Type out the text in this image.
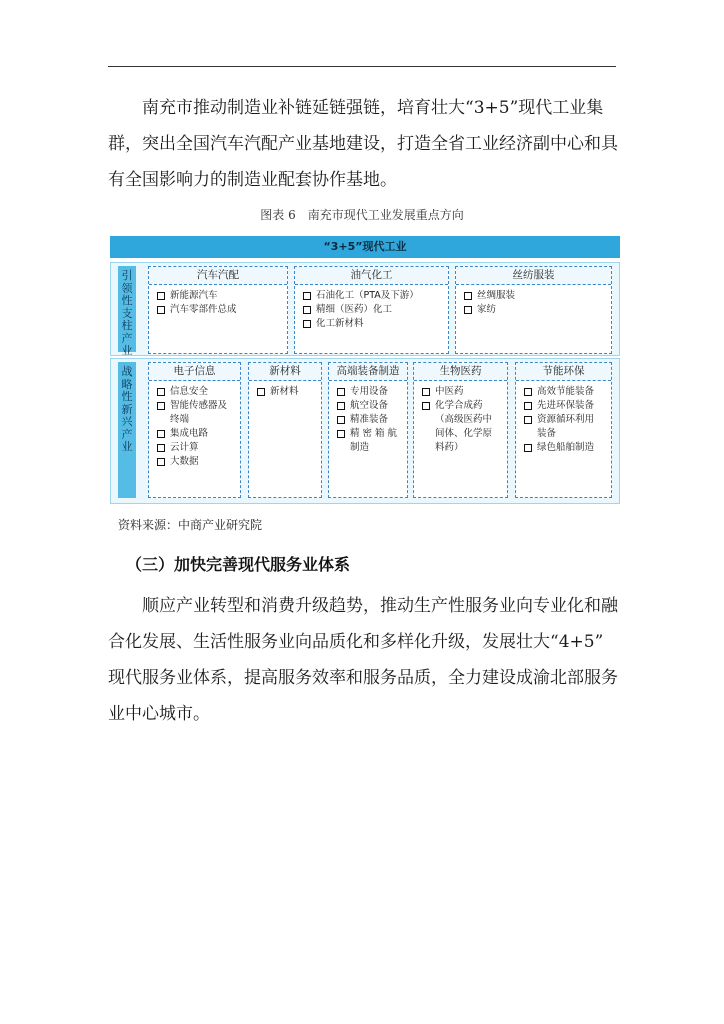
　　南充市推动制造业补链延链强链，培育壮大“3+5”现代工业集
群，突出全国汽车汽配产业基地建设，打造全省工业经济副中心和具
有全国影响力的制造业配套协作基地。

图表 6　南充市现代工业发展重点方向
“3+5”现代工业
引领性支柱产业
战略性新兴产业
汽车汽配
新能源汽车
汽车零部件总成
油气化工
石油化工（PTA及下游）
精细（医药）化工
化工新材料
丝纺服装
丝绸服装
家纺
电子信息
信息安全
智能传感器及
终端
集成电路
云计算
大数据
新材料
新材料
高端装备制造
专用设备
航空设备
精准装备
精 密 箱 航
制造
生物医药
中医药
化学合成药
（高级医药中
间体、化学原
料药）
节能环保
高效节能装备
先进环保装备
资源循环利用
装备
绿色船舶制造
资料来源：中商产业研究院
（三）加快完善现代服务业体系

　　顺应产业转型和消费升级趋势，推动生产性服务业向专业化和融
合化发展、生活性服务业向品质化和多样化升级，发展壮大“4+5”
现代服务业体系，提高服务效率和服务品质，全力建设成渝北部服务
业中心城市。
